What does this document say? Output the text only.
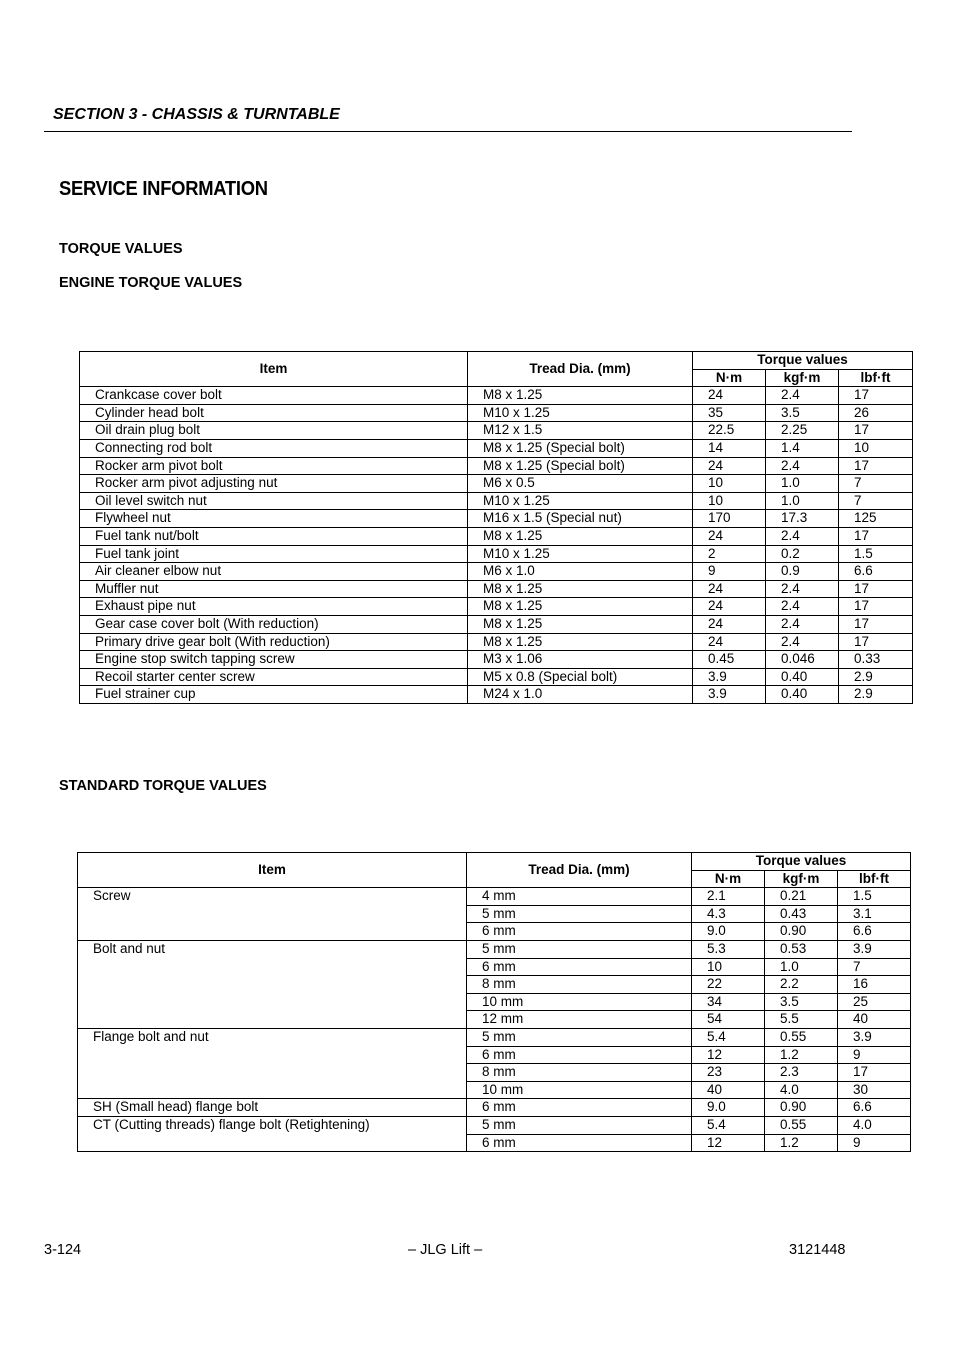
SECTION 3 - CHASSIS & TURNTABLE
SERVICE INFORMATION
TORQUE VALUES
ENGINE TORQUE VALUES
Item	Tread Dia. (mm)	Torque values		
		N·m	kgf·m	lbf·ft
Crankcase cover bolt	M8 x 1.25	24	2.4	17
Cylinder head bolt	M10 x 1.25	35	3.5	26
Oil drain plug bolt	M12 x 1.5	22.5	2.25	17
Connecting rod bolt	M8 x 1.25 (Special bolt)	14	1.4	10
Rocker arm pivot bolt	M8 x 1.25 (Special bolt)	24	2.4	17
Rocker arm pivot adjusting nut	M6 x 0.5	10	1.0	7
Oil level switch nut	M10 x 1.25	10	1.0	7
Flywheel nut	M16 x 1.5 (Special nut)	170	17.3	125
Fuel tank nut/bolt	M8 x 1.25	24	2.4	17
Fuel tank joint	M10 x 1.25	2	0.2	1.5
Air cleaner elbow nut	M6 x 1.0	9	0.9	6.6
Muffler nut	M8 x 1.25	24	2.4	17
Exhaust pipe nut	M8 x 1.25	24	2.4	17
Gear case cover bolt (With reduction)	M8 x 1.25	24	2.4	17
Primary drive gear bolt (With reduction)	M8 x 1.25	24	2.4	17
Engine stop switch tapping screw	M3 x 1.06	0.45	0.046	0.33
Recoil starter center screw	M5 x 0.8 (Special bolt)	3.9	0.40	2.9
Fuel strainer cup	M24 x 1.0	3.9	0.40	2.9
STANDARD TORQUE VALUES
Item	Tread Dia. (mm)	Torque values		
		N·m	kgf·m	lbf·ft
Screw	4 mm	2.1	0.21	1.5
	5 mm	4.3	0.43	3.1
	6 mm	9.0	0.90	6.6
Bolt and nut	5 mm	5.3	0.53	3.9
	6 mm	10	1.0	7
	8 mm	22	2.2	16
	10 mm	34	3.5	25
	12 mm	54	5.5	40
Flange bolt and nut	5 mm	5.4	0.55	3.9
	6 mm	12	1.2	9
	8 mm	23	2.3	17
	10 mm	40	4.0	30
SH (Small head) flange bolt	6 mm	9.0	0.90	6.6
CT (Cutting threads) flange bolt (Retightening)	5 mm	5.4	0.55	4.0
	6 mm	12	1.2	9
3-124	– JLG Lift –	3121448
